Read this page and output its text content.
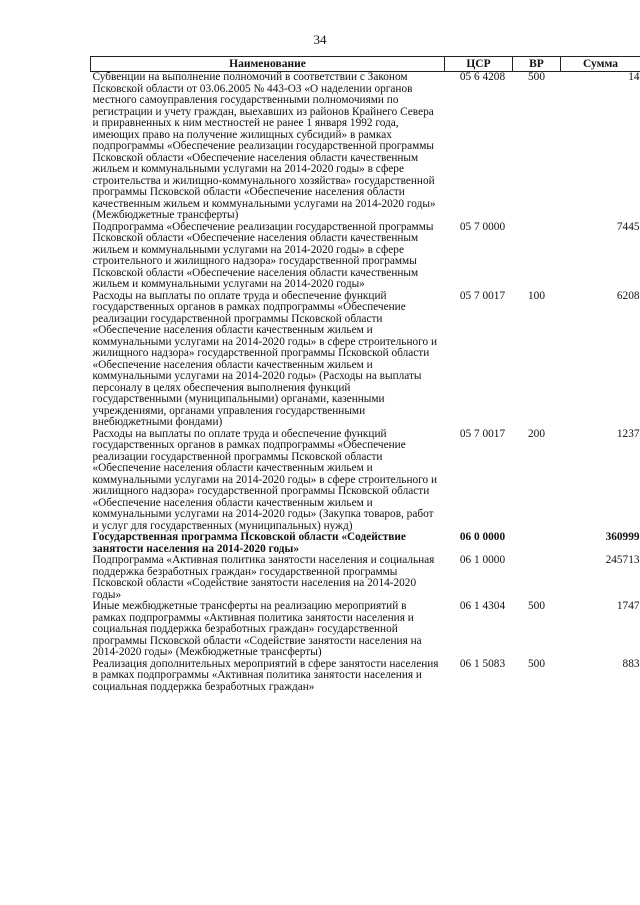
34
Наименование	ЦСР	ВР	Сумма
Субвенции на выполнение полномочий в соответствии с Законом Псковской области от 03.06.2005 № 443-ОЗ «О наделении органов местного самоуправления государственными полномочиями по регистрации и учету граждан, выехавших из районов Крайнего Севера и приравненных к ним местностей не ранее 1 января 1992 года, имеющих право на получение жилищных субсидий» в рамках подпрограммы «Обеспечение реализации государственной программы Псковской области «Обеспечение населения области качественным жильем и коммунальными услугами на 2014-2020 годы» в сфере строительства и жилищно-коммунального хозяйства» государственной программы Псковской области «Обеспечение населения области качественным жильем и коммунальными услугами на 2014-2020 годы» (Межбюджетные трансферты)	05 6 4208	500	14
Подпрограмма «Обеспечение реализации государственной программы Псковской области «Обеспечение населения области качественным жильем и коммунальными услугами на 2014-2020 годы» в сфере строительного и жилищного надзора» государственной программы Псковской области «Обеспечение населения области качественным жильем и коммунальными услугами на 2014-2020 годы»	05 7 0000		7445
Расходы на выплаты по оплате труда и обеспечение функций государственных органов в рамках подпрограммы «Обеспечение реализации государственной программы Псковской области «Обеспечение населения области качественным жильем и коммунальными услугами на 2014-2020 годы» в сфере строительного и жилищного надзора» государственной программы Псковской области «Обеспечение населения области качественным жильем и коммунальными услугами на 2014-2020 годы» (Расходы на выплаты персоналу в целях обеспечения выполнения функций государственными (муниципальными) органами, казенными учреждениями, органами управления государственными внебюджетными фондами)	05 7 0017	100	6208
Расходы на выплаты по оплате труда и обеспечение функций государственных органов в рамках подпрограммы «Обеспечение реализации государственной программы Псковской области «Обеспечение населения области качественным жильем и коммунальными услугами на 2014-2020 годы» в сфере строительного и жилищного надзора» государственной программы Псковской области «Обеспечение населения области качественным жильем и коммунальными услугами на 2014-2020 годы» (Закупка товаров, работ и услуг для государственных (муниципальных) нужд)	05 7 0017	200	1237
Государственная программа Псковской области «Содействие занятости населения на 2014-2020 годы»	06 0 0000		360999
Подпрограмма «Активная политика занятости населения и социальная поддержка безработных граждан» государственной программы Псковской области «Содействие занятости населения на 2014-2020 годы»	06 1 0000		245713
Иные межбюджетные трансферты на реализацию мероприятий в рамках подпрограммы «Активная политика занятости населения и социальная поддержка безработных граждан» государственной программы Псковской области «Содействие занятости населения на 2014-2020 годы» (Межбюджетные трансферты)	06 1 4304	500	1747
Реализация дополнительных мероприятий в сфере занятости населения в рамках подпрограммы «Активная политика занятости населения и социальная поддержка безработных граждан»	06 1 5083	500	883
